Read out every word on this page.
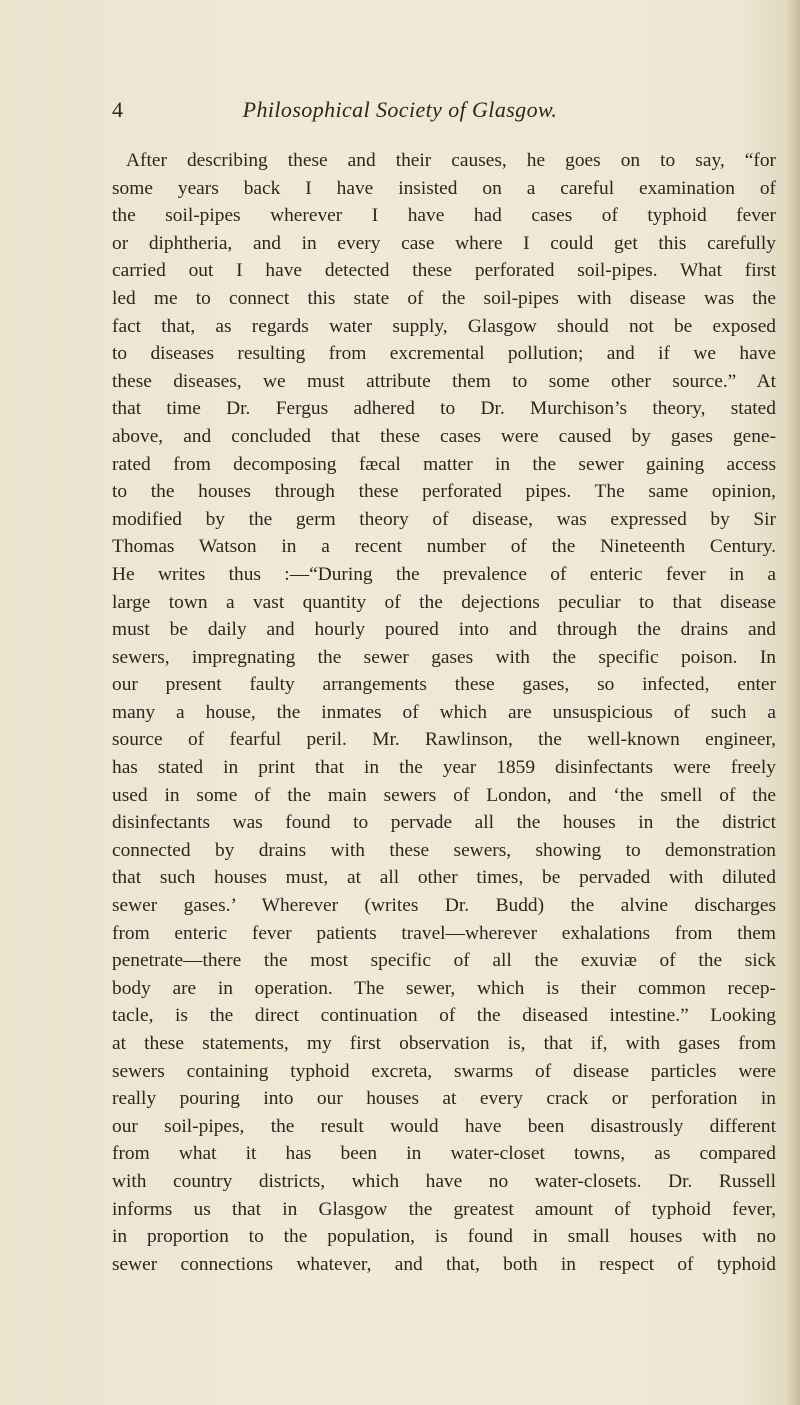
4	Philosophical Society of Glasgow.
After describing these and their causes, he goes on to say, “for
some years back I have insisted on a careful examination of
the soil-pipes wherever I have had cases of typhoid fever
or diphtheria, and in every case where I could get this carefully
carried out I have detected these perforated soil-pipes. What first
led me to connect this state of the soil-pipes with disease was the
fact that, as regards water supply, Glasgow should not be exposed
to diseases resulting from excremental pollution; and if we have
these diseases, we must attribute them to some other source.” At
that time Dr. Fergus adhered to Dr. Murchison’s theory, stated
above, and concluded that these cases were caused by gases gene-
rated from decomposing fæcal matter in the sewer gaining access
to the houses through these perforated pipes. The same opinion,
modified by the germ theory of disease, was expressed by Sir
Thomas Watson in a recent number of the Nineteenth Century.
He writes thus :—“During the prevalence of enteric fever in a
large town a vast quantity of the dejections peculiar to that disease
must be daily and hourly poured into and through the drains and
sewers, impregnating the sewer gases with the specific poison. In
our present faulty arrangements these gases, so infected, enter
many a house, the inmates of which are unsuspicious of such a
source of fearful peril. Mr. Rawlinson, the well-known engineer,
has stated in print that in the year 1859 disinfectants were freely
used in some of the main sewers of London, and ‘the smell of the
disinfectants was found to pervade all the houses in the district
connected by drains with these sewers, showing to demonstration
that such houses must, at all other times, be pervaded with diluted
sewer gases.’ Wherever (writes Dr. Budd) the alvine discharges
from enteric fever patients travel—wherever exhalations from them
penetrate—there the most specific of all the exuviæ of the sick
body are in operation. The sewer, which is their common recep-
tacle, is the direct continuation of the diseased intestine.” Looking
at these statements, my first observation is, that if, with gases from
sewers containing typhoid excreta, swarms of disease particles were
really pouring into our houses at every crack or perforation in
our soil-pipes, the result would have been disastrously different
from what it has been in water-closet towns, as compared
with country districts, which have no water-closets. Dr. Russell
informs us that in Glasgow the greatest amount of typhoid fever,
in proportion to the population, is found in small houses with no
sewer connections whatever, and that, both in respect of typhoid
